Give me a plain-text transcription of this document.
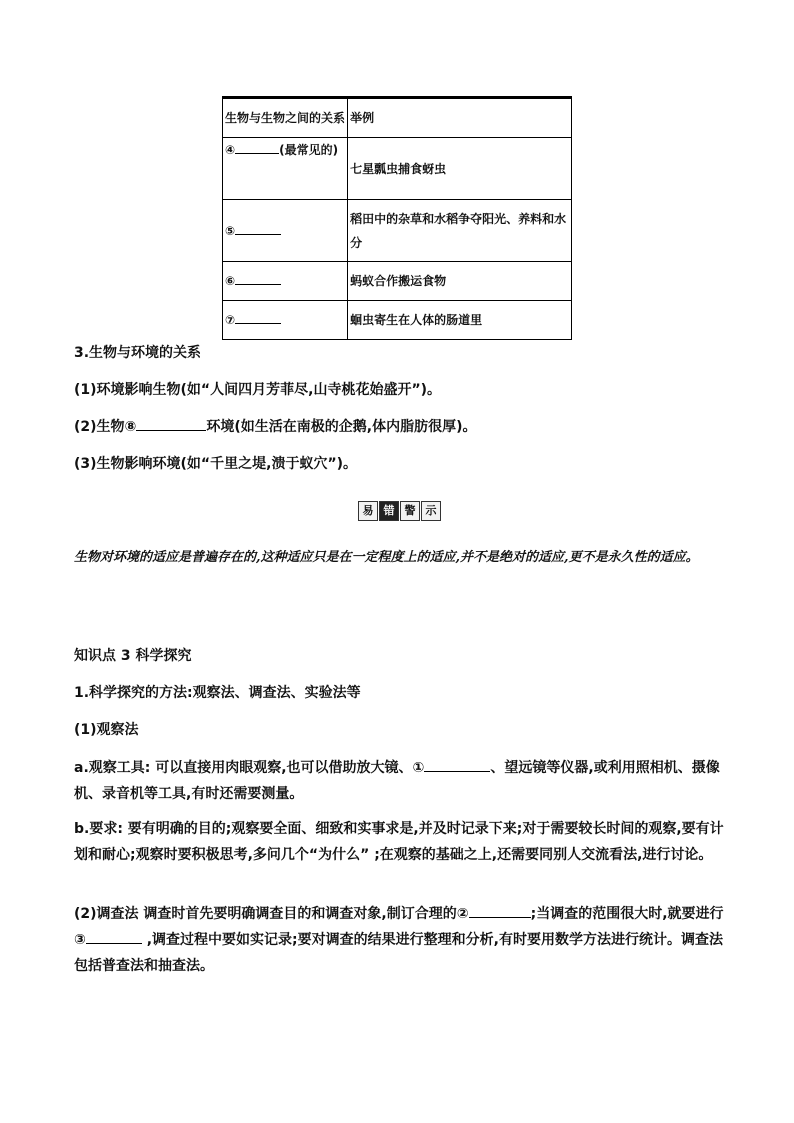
生物与生物之间的关系	举例
④ (最常见的)	七星瓢虫捕食蚜虫
⑤	稻田中的杂草和水稻争夺阳光、养料和水分
⑥	蚂蚁合作搬运食物
⑦	蛔虫寄生在人体的肠道里
3.生物与环境的关系
(1)环境影响生物(如“人间四月芳菲尽,山寺桃花始盛开”)。
(2)生物⑧	环境(如生活在南极的企鹅,体内脂肪很厚)。
(3)生物影响环境(如“千里之堤,溃于蚁穴”)。
易 错 警 示
生物对环境的适应是普遍存在的,这种适应只是在一定程度上的适应,并不是绝对的适应,更不是永久性的适应。
知识点 3 科学探究
1.科学探究的方法:观察法、调查法、实验法等
(1)观察法
a.观察工具: 可以直接用肉眼观察,也可以借助放大镜、①	、望远镜等仪器,或利用照相机、摄像机、录音机等工具,有时还需要测量。
b.要求: 要有明确的目的;观察要全面、细致和实事求是,并及时记录下来;对于需要较长时间的观察,要有计划和耐心;观察时要积极思考,多问几个“为什么” ;在观察的基础之上,还需要同别人交流看法,进行讨论。
(2)调查法 调查时首先要明确调查目的和调查对象,制订合理的②	;当调查的范围很大时,就要进行③	,调查过程中要如实记录;要对调查的结果进行整理和分析,有时要用数学方法进行统计。调查法包括普查法和抽查法。
